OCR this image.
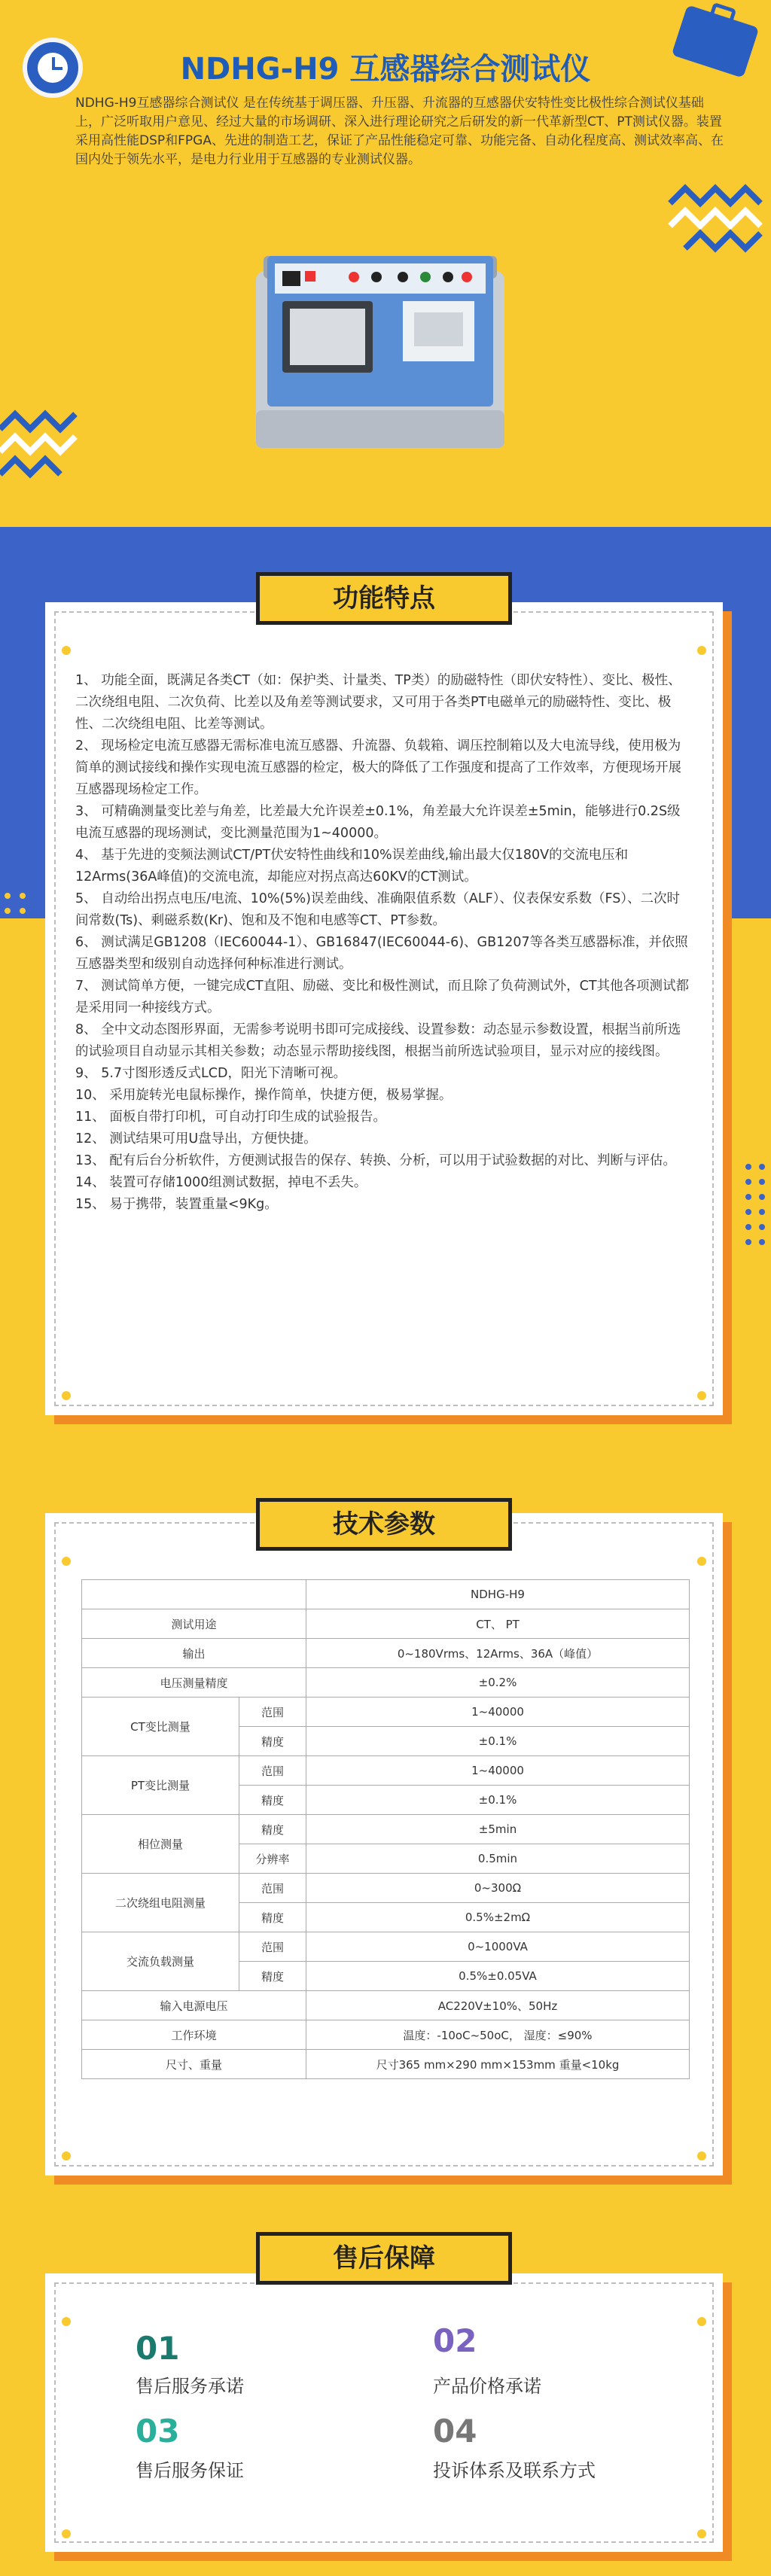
NDHG-H9 互感器综合测试仪
NDHG-H9互感器综合测试仪 是在传统基于调压器、升压器、升流器的互感器伏安特性变比极性综合测试仪基础上，广泛听取用户意见、经过大量的市场调研、深入进行理论研究之后研发的新一代革新型CT、PT测试仪器。装置采用高性能DSP和FPGA、先进的制造工艺，保证了产品性能稳定可靠、功能完备、自动化程度高、测试效率高、在国内处于领先水平，是电力行业用于互感器的专业测试仪器。
功能特点

1、 功能全面，既满足各类CT（如：保护类、计量类、TP类）的励磁特性（即伏安特性）、变比、极性、二次绕组电阻、二次负荷、比差以及角差等测试要求，又可用于各类PT电磁单元的励磁特性、变比、极性、二次绕组电阻、比差等测试。

2、 现场检定电流互感器无需标准电流互感器、升流器、负载箱、调压控制箱以及大电流导线，使用极为简单的测试接线和操作实现电流互感器的检定，极大的降低了工作强度和提高了工作效率，方便现场开展互感器现场检定工作。

3、 可精确测量变比差与角差，比差最大允许误差±0.1%，角差最大允许误差±5min，能够进行0.2S级电流互感器的现场测试，变比测量范围为1~40000。

4、 基于先进的变频法测试CT/PT伏安特性曲线和10%误差曲线,输出最大仅180V的交流电压和12Arms(36A峰值)的交流电流，却能应对拐点高达60KV的CT测试。

5、 自动给出拐点电压/电流、10%(5%)误差曲线、准确限值系数（ALF）、仪表保安系数（FS）、二次时间常数(Ts)、剩磁系数(Kr)、饱和及不饱和电感等CT、PT参数。

6、 测试满足GB1208（IEC60044-1）、GB16847(IEC60044-6)、GB1207等各类互感器标准，并依照互感器类型和级别自动选择何种标准进行测试。

7、 测试简单方便，一键完成CT直阻、励磁、变比和极性测试，而且除了负荷测试外，CT其他各项测试都是采用同一种接线方式。

8、 全中文动态图形界面，无需参考说明书即可完成接线、设置参数：动态显示参数设置，根据当前所选的试验项目自动显示其相关参数；动态显示帮助接线图，根据当前所选试验项目，显示对应的接线图。

9、 5.7寸图形透反式LCD，阳光下清晰可视。

10、 采用旋转光电鼠标操作，操作简单，快捷方便，极易掌握。

11、 面板自带打印机，可自动打印生成的试验报告。

12、 测试结果可用U盘导出，方便快捷。

13、 配有后台分析软件，方便测试报告的保存、转换、分析，可以用于试验数据的对比、判断与评估。

14、 装置可存储1000组测试数据，掉电不丢失。

15、 易于携带，装置重量<9Kg。

技术参数
		NDHG-H9
测试用途		CT、 PT
输出		0~180Vrms、12Arms、36A（峰值）
电压测量精度		±0.2%
CT变比测量	范围	1~40000
	精度	±0.1%
PT变比测量	范围	1~40000
	精度	±0.1%
相位测量	精度	±5min
	分辨率	0.5min
二次绕组电阻测量	范围	0~300Ω
	精度	0.5%±2mΩ
交流负载测量	范围	0~1000VA
	精度	0.5%±0.05VA
输入电源电压		AC220V±10%、50Hz
工作环境		温度：-10oC~50oC， 湿度：≤90%
尺寸、重量		尺寸365 mm×290 mm×153mm 重量<10kg
售后保障
01
售后服务承诺
02
产品价格承诺
03
售后服务保证
04
投诉体系及联系方式
